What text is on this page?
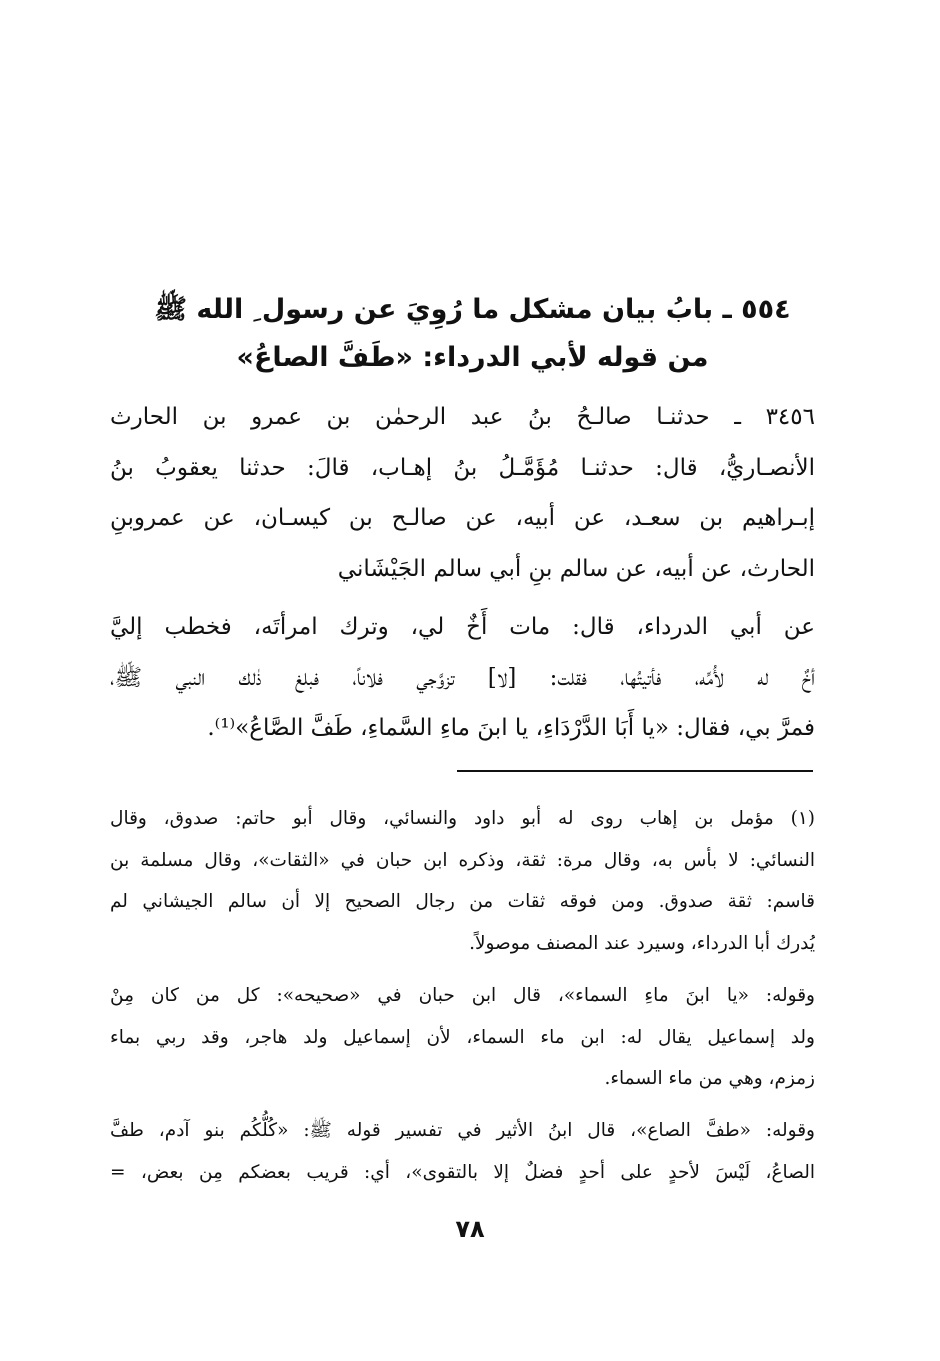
٥٥٤ ـ بابُ بيان مشكل ما رُوِيَ عن رسول ِ الله ﷺ
من قوله لأبي الدرداء: «طَفَّ الصاعُ»
٣٤٥٦ ـ حدثنـا صالـحُ بنُ عبد الرحمٰن بن عمرو بن الحارث
الأنصـاريُّ، قال: حدثنـا مُؤَمَّـلُ بنُ إهـاب، قالَ: حدثنا يعقوبُ بنُ
إبـراهيم بن سعـد، عن أبيه، عن صالـح بن كيسـان، عن عمروبنِ
الحارث، عن أبيه، عن سالم بنِ أبي سالم الجَيْشَاني
عن أبي الدرداء، قال: مات أَخٌ لي، وترك امرأتَه، فخطب إليَّ
أخٌ له لأُمِّه، فأتيتُها، فقلت: [لا] تزوَّجي فلاناً، فبلغ ذٰلك النبي ﷺ،
فمرَّ بي، فقال: «يا أَبَا الدَّرْدَاءِ، يا ابنَ ماءِ السَّماءِ، طَفَّ الصَّاعُ»⁽¹⁾.
(١) مؤمل بن إهاب روى له أبو داود والنسائي، وقال أبو حاتم: صدوق، وقال
النسائي: لا بأس به، وقال مرة: ثقة، وذكره ابن حبان في «الثقات»، وقال مسلمة بن
قاسم: ثقة صدوق. ومن فوقه ثقات من رجال الصحيح إلا أن سالم الجيشاني لم
يُدرك أبا الدرداء، وسيرد عند المصنف موصولاً.
وقوله: «يا ابنَ ماءِ السماء»، قال ابن حبان في «صحيحه»: كل من كان مِنْ
ولد إسماعيل يقال له: ابن ماء السماء، لأن إسماعيل ولد هاجر، وقد ربي بماء
زمزم، وهي من ماء السماء.
وقوله: «طفَّ الصاع»، قال ابنُ الأثير في تفسير قوله ﷺ: «كُلُّكُم بنو آدم، طفَّ
الصاعُ، لَيْسَ لأحدٍ على أحدٍ فضلٌ إلا بالتقوى»، أي: قريب بعضكم مِن بعض، =
٧٨
